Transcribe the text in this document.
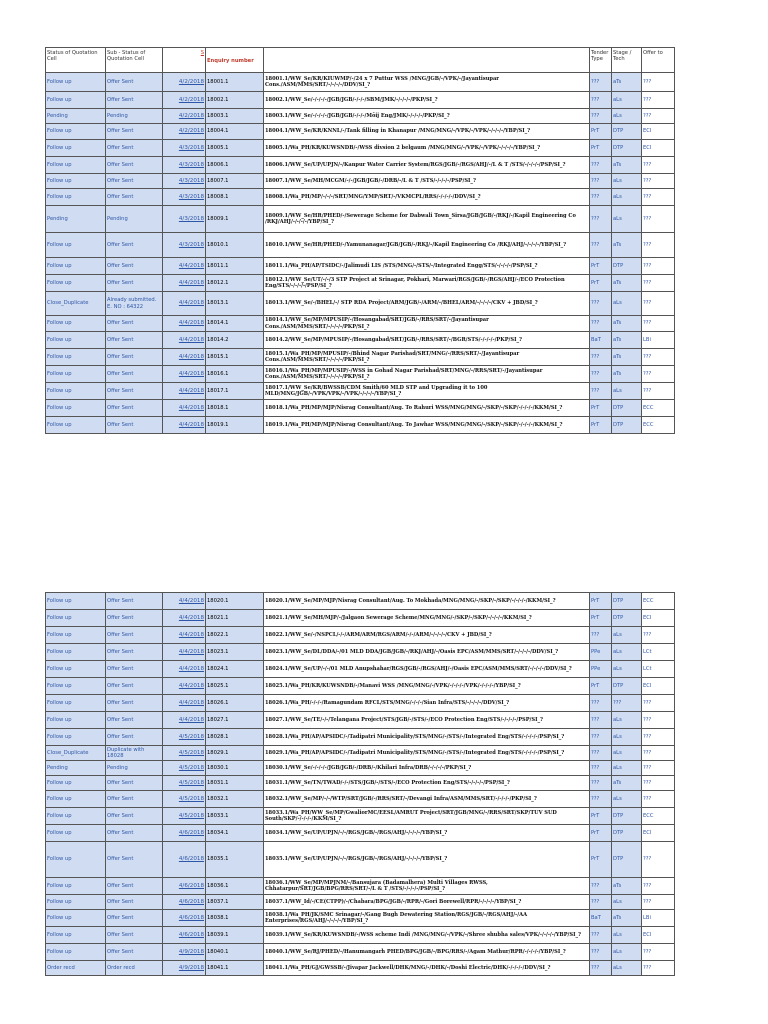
Status of Quotation Cell	Sub - Status of Quotation Cell	S	Enquiry number		Tender Type	Stage / Tech	Offer to
Follow up	Offer Sent	4/2/2018	18001.1	18001.1/WW_Se/KR/KIUWMP/-/24 x 7 Puttur WSS /MNG/JGB/-/VPK/-/Jayantisupar Cons./ASM/MMS/SRT/-/-/-/-/DDV/SI_?	???	aTs	???
Follow up	Offer Sent	4/2/2018	18002.1	18002.1/WW_Se/-/-/-/-/JGB/JGB/-/-/-/SBM/JMK/-/-/-/-/PKP/SI_?	???	aLs	???
Pending	Pending	4/2/2018	18003.1	18003.1/WW_Se/-/-/-/-/JGB/JGB/-/-/-/Mōij Eng/JMK/-/-/-/-/PKP/SI_?	???	aLs	???
Follow up	Offer Sent	4/2/2018	18004.1	18004.1/WW_Se/KR/KNNL/-/Tank filling in Khanapur /MNG/MNG/-/VPK/-/VPK/-/-/-/-/YBP/SI_?	PrT	DTP	ECI
Follow up	Offer Sent	4/3/2018	18005.1	18005.1/Wa_PH/KR/KUWSNDB/-/WSS divsion 2 belgaum /MNG/MNG/-/VPK/-/VPK/-/-/-/-/YBP/SI_?	PrT	DTP	ECI
Follow up	Offer Sent	4/3/2018	18006.1	18006.1/WW_Se/UP/UPJN/-/Kanpur Water Carrier System/RGS/JGB/-/RGS/AHJ/-/L & T /STS/-/-/-/-/PSP/SI_?	???	aTs	???
Follow up	Offer Sent	4/3/2018	18007.1	18007.1/WW_Se/MH/MCGM/-/-/JGB/JGB/-/DRB/-/L & T /STS/-/-/-/-/PSP/SI_?	???	aLs	???
Follow up	Offer Sent	4/3/2018	18008.1	18008.1/Wa_PH/MP/-/-/-/SRT/MNG/YMP/SRT/-/VKMCPL/RRS/-/-/-/-/DDV/SI_?	???	aLs	???
Pending	Pending	4/3/2018	18009.1	18009.1/WW_Se/HR/PHED/-/Sewerage Scheme for Dabwali Town_Sirsa/JGB/JGB/-/RKJ/-/Kapil Engineering Co /RKJ/AHJ/-/-/-/-/YBP/SI_?	???	aLs	???
Follow up	Offer Sent	4/3/2018	18010.1	18010.1/WW_Se/HR/PHED/-/Yamunanagar/JGB/JGB/-/RKJ/-/Kapil Engineering Co /RKJ/AHJ/-/-/-/-/YBP/SI_?	???	aTs	???
Follow up	Offer Sent	4/4/2018	18011.1	18011.1/Wa_PH/AP/TSIDC/-/Jalimudi LIS /STS/MNG/-/STS/-/Integrated Engg/STS/-/-/-/-/PSP/SI_?	PrT	DTP	???
Follow up	Offer Sent	4/4/2018	18012.1	18012.1/WW_Se/UT/-/-/3 STP Project at Srinagar, Pokhari, Marwari/RGS/JGB/-/RGS/AHJ/-/ECO Protection Eng/STS/-/-/-/-/PSP/SI_?	PrT	aTs	???
Close_Duplicate	Already submitted. E. NO : 64322	4/4/2018	18013.1	18013.1/WW_Se/-/BHEL/-/ STP RDA Project/ARM/JGB/-/ARM/-/BHEL/ARM/-/-/-/-/CKV + JBD/SI_?	???	aLs	???
Follow up	Offer Sent	4/4/2018	18014.1	18014.1/WW_Se/MP/MPUSIP/-/Hosangabad/SRT/JGB/-/RRS/SRT/-/Jayantisupar Cons./ASM/MMS/SRT/-/-/-/-/PKP/SI_?	???	aTs	???
Follow up	Offer Sent	4/4/2018	18014.2	18014.2/WW_Se/MP/MPUSIP/-/Hosangabad/SRT/JGB/-/RRS/SRT/-/BGR/STS/-/-/-/-/PKP/SI_?	BaT	aTs	LBi
Follow up	Offer Sent	4/4/2018	18015.1	18015.1/Wa_PH/MP/MPUSIP/-/Bhind Nagar Parishad/SRT/MNG/-/RRS/SRT/-/Jayantisupar Cons./ASM/MMS/SRT/-/-/-/-/PKP/SI_?	???	aTs	???
Follow up	Offer Sent	4/4/2018	18016.1	18016.1/Wa_PH/MP/MPUSIP/-/WSS in Gohad Nagar Parishad/SRT/MNG/-/RRS/SRT/-/Jayantisupar Cons./ASM/MMS/SRT/-/-/-/-/PKP/SI_?	???	aTs	???
Follow up	Offer Sent	4/4/2018	18017.1	18017.1/WW_Se/KR/BWSSB/CDM Smith/60 MLD STP and Upgrading it to 100 MLD/MNG/JGB/-/VPK/VPK/-/VPK/-/-/-/-/YBP/SI_?	???	aLs	???
Follow up	Offer Sent	4/4/2018	18018.1	18018.1/Wa_PH/MP/MJP/Nisrag Consultant/Aug. To Rahuri WSS/MNG/MNG/-/SKP/-/SKP/-/-/-/-/KKM/SI_?	PrT	DTP	ECC
Follow up	Offer Sent	4/4/2018	18019.1	18019.1/Wa_PH/MP/MJP/Nisrag Consultant/Aug. To Jawhar WSS/MNG/MNG/-/SKP/-/SKP/-/-/-/-/KKM/SI_?	PrT	DTP	ECC
Follow up	Offer Sent	4/4/2018	18020.1	18020.1/WW_Se/MP/MJP/Nisrag Consultant/Aug. To Mokhada/MNG/MNG/-/SKP/-/SKP/-/-/-/-/KKM/SI_?	PrT	DTP	ECC
Follow up	Offer Sent	4/4/2018	18021.1	18021.1/WW_Se/MH/MJP/-/Jalgaon Sewerage Scheme/MNG/MNG/-/SKP/-/SKP/-/-/-/-/KKM/SI_?	PrT	DTP	ECI
Follow up	Offer Sent	4/4/2018	18022.1	18022.1/WW_Se/-/NSPCL/-/-/ARM/ARM/RGS/ARM/-/-/ARM/-/-/-/-/CKV + JBD/SI_?	???	aLs	???
Follow up	Offer Sent	4/4/2018	18023.1	18023.1/WW_Se/DL/DDA/-/01 MLD DDA/JGB/JGB/-/RKJ/AHJ/-/Oasis EPC/ASM/MMS/SRT/-/-/-/-/DDV/SI_?	PPe	aLs	LCt
Follow up	Offer Sent	4/4/2018	18024.1	18024.1/WW_Se/UP/-/-/01 MLD Anupshahar/RGS/JGB/-/RGS/AHJ/-/Oasis EPC/ASM/MMS/SRT/-/-/-/-/DDV/SI_?	PPe	aLs	LCt
Follow up	Offer Sent	4/4/2018	18025.1	18025.1/Wa_PH/KR/KUWSNDB/-/Manavi WSS /MNG/MNG/-/VPK/-/-/-/-/VPK/-/-/-/-/YBP/SI_?	PrT	DTP	ECI
Follow up	Offer Sent	4/4/2018	18026.1	18026.1/Wa_PH/-/-/-/Ramagundam RFCL/STS/MNG/-/-/-/Sian Infra/STS/-/-/-/-/DDV/SI_?	???	???	???
Follow up	Offer Sent	4/4/2018	18027.1	18027.1/WW_Se/TE/-/-/Telangana Project/STS/JGB/-/STS/-/ECO Protection Eng/STS/-/-/-/-/PSP/SI_?	???	aLs	???
Follow up	Offer Sent	4/5/2018	18028.1	18028.1/Wa_PH/AP/APSIDC/-/Tadipatri Municipality/STS/MNG/-/STS/-/Integrated Eng/STS/-/-/-/-/PSP/SI_?	???	aLs	???
Close_Duplicate	Duplicate with 18028	4/5/2018	18029.1	18029.1/Wa_PH/AP/APSIDC/-/Tadipatri Municipality/STS/MNG/-/STS/-/Integrated Eng/STS/-/-/-/-/PSP/SI_?	???	aLs	???
Pending	Pending	4/5/2018	18030.1	18030.1/WW_Se/-/-/-/-/JGB/JGB/-/DRB/-/Khilari Infra/DRB/-/-/-/-/PKP/SI_?	???	aLs	???
Follow up	Offer Sent	4/5/2018	18031.1	18031.1/WW_Se/TN/TWAD/-/-/STS/JGB/-/STS/-/ECO Protection Eng/STS/-/-/-/-/PSP/SI_?	???	aTs	???
Follow up	Offer Sent	4/5/2018	18032.1	18032.1/WW_Se/MP/-/-/WTP/SRT/JGB/-/RRS/SRT/-/Devangi Infra/ASM/MMS/SRT/-/-/-/-/PKP/SI_?	???	aLs	???
Follow up	Offer Sent	4/5/2018	18033.1	18033.1/Wa_PH/WW_Se/MP/GwaliorMC/EESL/AMRUT Project/SRT/JGB/MNG/-/RRS/SRT/SKP/TUV SUD South/SKP/-/-/-/-/KKM/SI_?	PrT	DTP	ECC
Follow up	Offer Sent	4/6/2018	18034.1	18034.1/WW_Se/UP/UPJN/-/-/RGS/JGB/-/RGS/AHJ/-/-/-/-/YBP/SI_?	PrT	DTP	ECI
Follow up	Offer Sent	4/6/2018	18035.1	18035.1/WW_Se/UP/UPJN/-/-/RGS/JGB/-/RGS/AHJ/-/-/-/-/YBP/SI_?	PrT	DTP	???
Follow up	Offer Sent	4/6/2018	18036.1	18036.1/WW_Se/MP/MPJNM/-/Bansujara (Badamalhera) Multi Villages RWSS, Chhatarpur/SRT/JGB/BPG/RRS/SRT/-/L & T /STS/-/-/-/-/PSP/SI_?	???	aTs	???
Follow up	Offer Sent	4/6/2018	18037.1	18037.1/WW_Id/-/CE(CTPP)/-/Chabara/BPG/JGB/-/RPR/-/Gori Borewell/RPR/-/-/-/-/YBP/SI_?	???	aLs	???
Follow up	Offer Sent	4/6/2018	18038.1	18038.1/Wa_PH/JK/SMC Srinagar/-/Gang Bugh Dewatering Station/RGS/JGB/-/RGS/AHJ/-/AA Enterprises/RGS/AHJ/-/-/-/-/YBP/SI_?	BaT	aTs	LBi
Follow up	Offer Sent	4/6/2018	18039.1	18039.1/WW_Se/KR/KUWSNDB/-/WSS scheme Indi /MNG/MNG/-/VPK/-/Shree shubha sales/VPK/-/-/-/-/YBP/SI_?	???	aLs	ECI
Follow up	Offer Sent	4/9/2018	18040.1	18040.1/WW_Se/RJ/PHED/-/Hanumangarh PHED/BPG/JGB/-/BPG/RRS/-/Agam Mathur/RPR/-/-/-/-/YBP/SI_?	???	aLs	???
Order recd	Order recd	4/9/2018	18041.1	18041.1/Wa_PH/GJ/GWSSB/-/Jivapar Jackwell/DHK/MNG/-/DHK/-/Doshi Electric/DHK/-/-/-/-/DDV/SI_?	???	aLs	???
